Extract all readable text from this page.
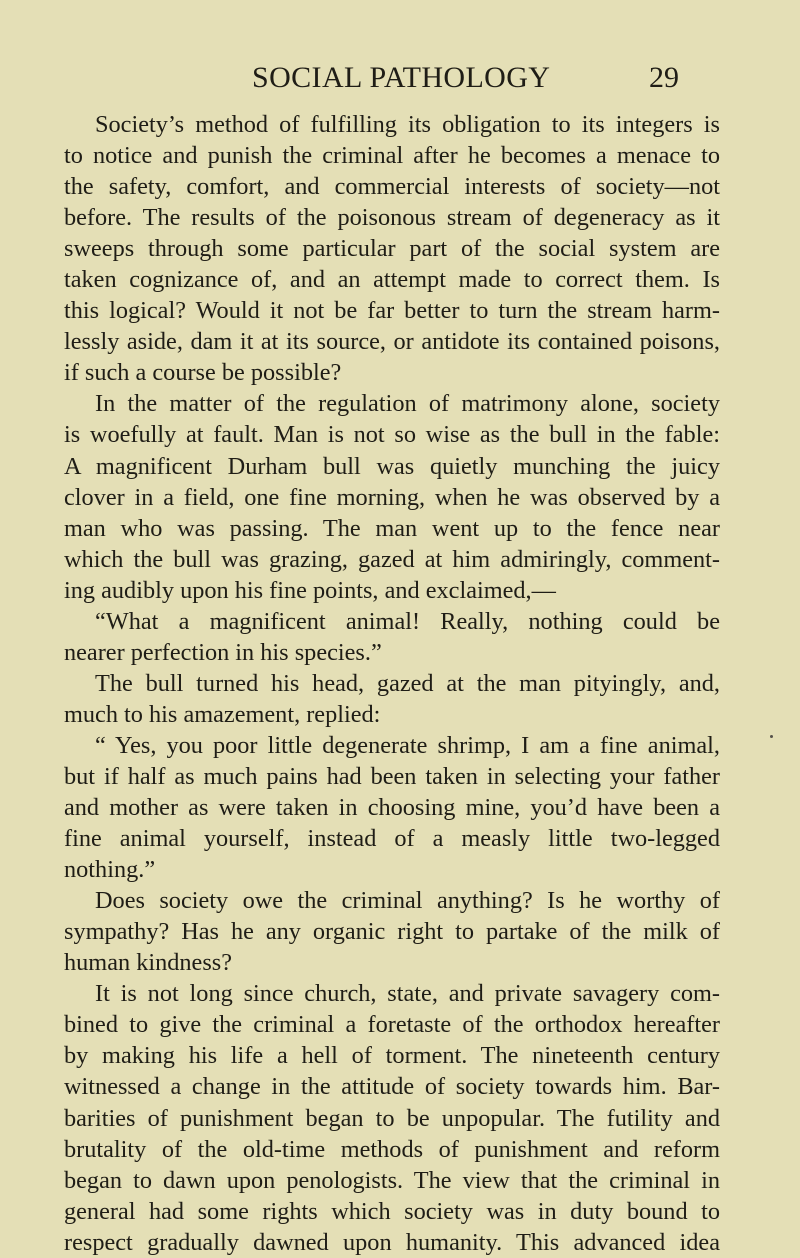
SOCIAL PATHOLOGY	29
Society’s method of fulfilling its obligation to its integers is
to notice and punish the criminal after he becomes a menace to
the safety, comfort, and commercial interests of society—not
before. The results of the poisonous stream of degeneracy as it
sweeps through some particular part of the social system are
taken cognizance of, and an attempt made to correct them. Is
this logical? Would it not be far better to turn the stream harm-
lessly aside, dam it at its source, or antidote its contained poisons,
if such a course be possible?
In the matter of the regulation of matrimony alone, society
is woefully at fault. Man is not so wise as the bull in the fable:
A magnificent Durham bull was quietly munching the juicy
clover in a field, one fine morning, when he was observed by a
man who was passing. The man went up to the fence near
which the bull was grazing, gazed at him admiringly, comment-
ing audibly upon his fine points, and exclaimed,—
“What a magnificent animal! Really, nothing could be
nearer perfection in his species.”
The bull turned his head, gazed at the man pityingly, and,
much to his amazement, replied:
“ Yes, you poor little degenerate shrimp, I am a fine animal,
but if half as much pains had been taken in selecting your father
and mother as were taken in choosing mine, you’d have been a
fine animal yourself, instead of a measly little two-legged
nothing.”
Does society owe the criminal anything? Is he worthy of
sympathy? Has he any organic right to partake of the milk of
human kindness?
It is not long since church, state, and private savagery com-
bined to give the criminal a foretaste of the orthodox hereafter
by making his life a hell of torment. The nineteenth century
witnessed a change in the attitude of society towards him. Bar-
barities of punishment began to be unpopular. The futility and
brutality of the old-time methods of punishment and reform
began to dawn upon penologists. The view that the criminal in
general had some rights which society was in duty bound to
respect gradually dawned upon humanity. This advanced idea
